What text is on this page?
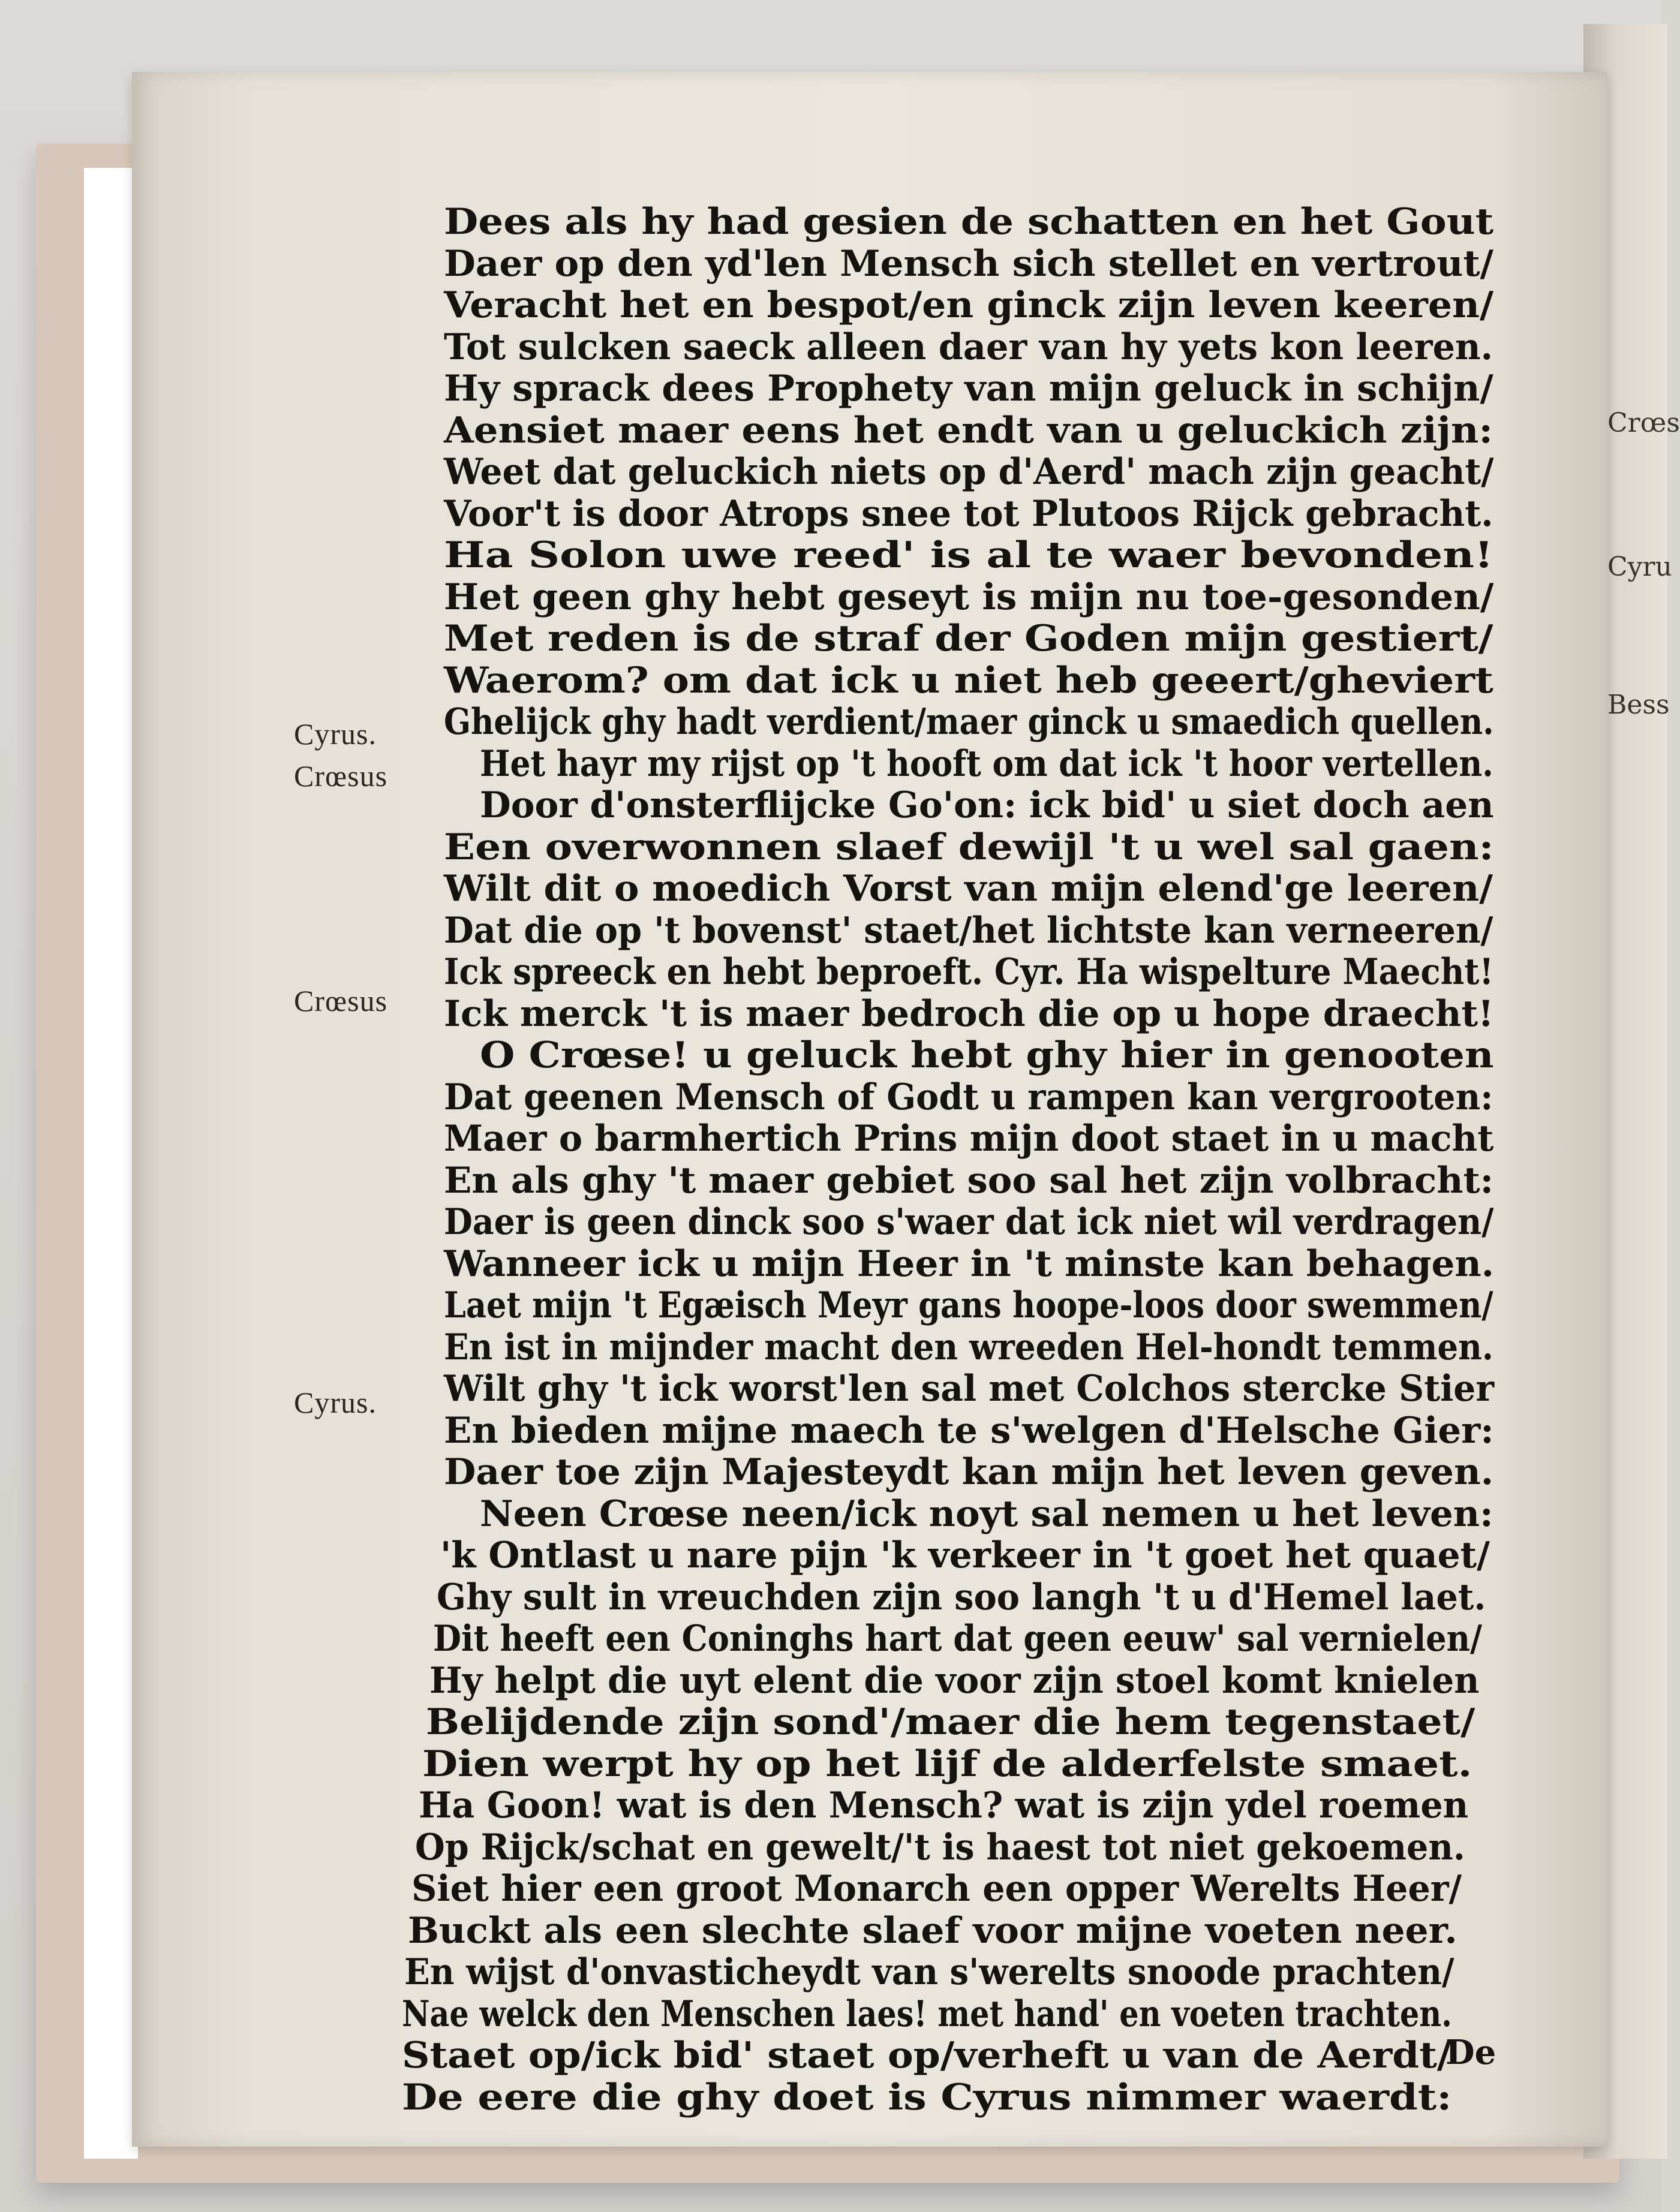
Crœs
Cyru
Bess
Dees als hy had gesien de schatten en het Gout
Daer op den yd'len Mensch sich stellet en vertrout/
Veracht het en bespot/en ginck zijn leven keeren/
Tot sulcken saeck alleen daer van hy yets kon leeren.
Hy sprack dees Prophety van mijn geluck in schijn/
Aensiet maer eens het endt van u geluckich zijn:
Weet dat geluckich niets op d'Aerd' mach zijn geacht/
Voor't is door Atrops snee tot Plutoos Rijck gebracht.
Ha Solon uwe reed' is al te waer bevonden!
Het geen ghy hebt geseyt is mijn nu toe-gesonden/
Met reden is de straf der Goden mijn gestiert/
Waerom? om dat ick u niet heb geeert/gheviert
Ghelijck ghy hadt verdient/maer ginck u smaedich quellen.
Het hayr my rijst op 't hooft om dat ick 't hoor vertellen.
Door d'onsterflijcke Go'on: ick bid' u siet doch aen
Een overwonnen slaef dewijl 't u wel sal gaen:
Wilt dit o moedich Vorst van mijn elend'ge leeren/
Dat die op 't bovenst' staet/het lichtste kan verneeren/
Ick spreeck en hebt beproeft. Cyr. Ha wispelture Maecht!
Ick merck 't is maer bedroch die op u hope draecht!
O Crœse! u geluck hebt ghy hier in genooten
Dat geenen Mensch of Godt u rampen kan vergrooten:
Maer o barmhertich Prins mijn doot staet in u macht
En als ghy 't maer gebiet soo sal het zijn volbracht:
Daer is geen dinck soo s'waer dat ick niet wil verdragen/
Wanneer ick u mijn Heer in 't minste kan behagen.
Laet mijn 't Egæisch Meyr gans hoope-loos door swemmen/
En ist in mijnder macht den wreeden Hel-hondt temmen.
Wilt ghy 't ick worst'len sal met Colchos stercke Stier
En bieden mijne maech te s'welgen d'Helsche Gier:
Daer toe zijn Majesteydt kan mijn het leven geven.
Neen Crœse neen/ick noyt sal nemen u het leven:
'k Ontlast u nare pijn 'k verkeer in 't goet het quaet/
Ghy sult in vreuchden zijn soo langh 't u d'Hemel laet.
Dit heeft een Coninghs hart dat geen eeuw' sal vernielen/
Hy helpt die uyt elent die voor zijn stoel komt knielen
Belijdende zijn sond'/maer die hem tegenstaet/
Dien werpt hy op het lijf de alderfelste smaet.
Ha Goon! wat is den Mensch? wat is zijn ydel roemen
Op Rijck/schat en gewelt/'t is haest tot niet gekoemen.
Siet hier een groot Monarch een opper Werelts Heer/
Buckt als een slechte slaef voor mijne voeten neer.
En wijst d'onvasticheydt van s'werelts snoode prachten/
Nae welck den Menschen laes! met hand' en voeten trachten.
Staet op/ick bid' staet op/verheft u van de Aerdt/
De eere die ghy doet is Cyrus nimmer waerdt:
Cyrus.
Crœsus
Crœsus
Cyrus.
De
